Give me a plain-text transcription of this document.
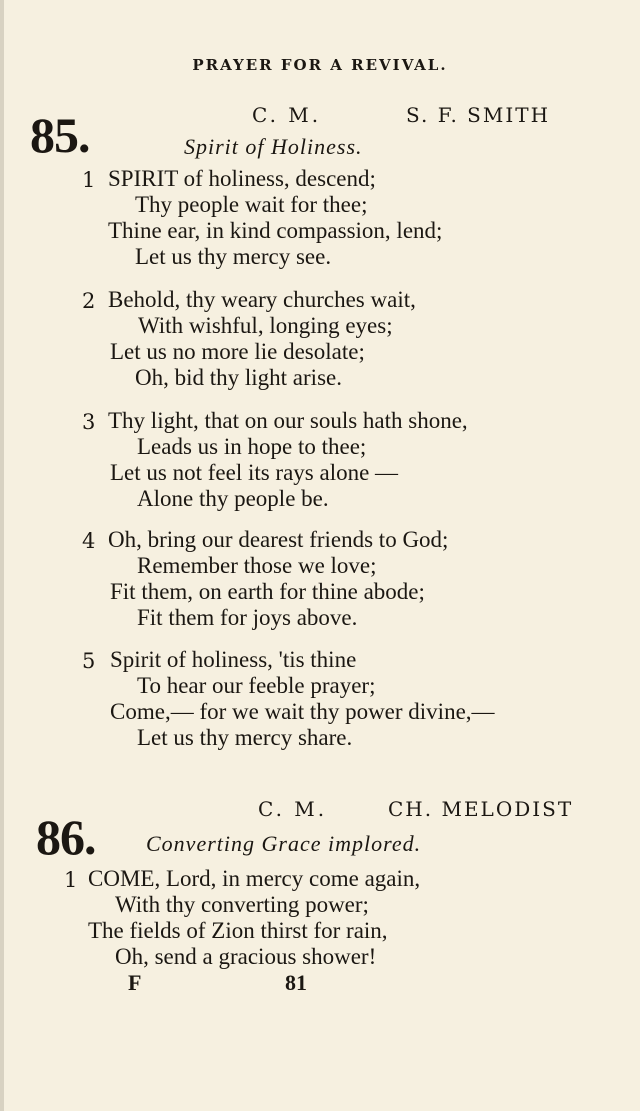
PRAYER FOR A REVIVAL.
85.	C. M.	S. F. SMITH
Spirit of Holiness.
1 SPIRIT of holiness, descend;
Thy people wait for thee;
Thine ear, in kind compassion, lend;
Let us thy mercy see.
2 Behold, thy weary churches wait,
With wishful, longing eyes;
Let us no more lie desolate;
Oh, bid thy light arise.
3 Thy light, that on our souls hath shone,
Leads us in hope to thee;
Let us not feel its rays alone —
Alone thy people be.
4 Oh, bring our dearest friends to God;
Remember those we love;
Fit them, on earth for thine abode;
Fit them for joys above.
5 Spirit of holiness, 'tis thine
To hear our feeble prayer;
Come,— for we wait thy power divine,—
Let us thy mercy share.
86.	C. M.	CH. MELODIST
Converting Grace implored.
1 COME, Lord, in mercy come again,
With thy converting power;
The fields of Zion thirst for rain,
Oh, send a gracious shower!
F	81
